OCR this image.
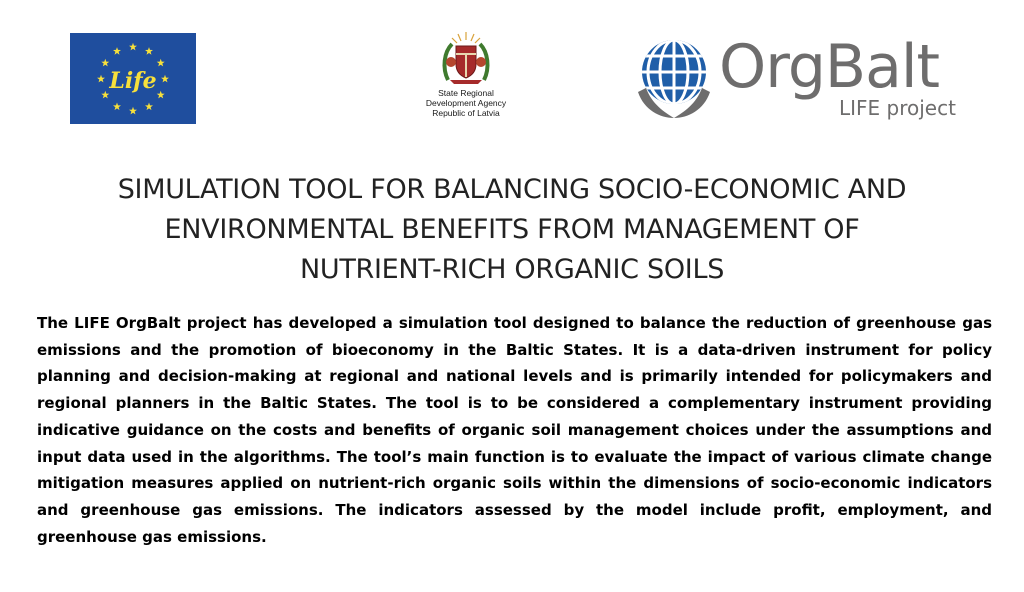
Life	State Regional
Development Agency
Republic of Latvia
OrgBalt
LIFE project
SIMULATION TOOL FOR BALANCING SOCIO-ECONOMIC AND
ENVIRONMENTAL BENEFITS FROM MANAGEMENT OF
NUTRIENT-RICH ORGANIC SOILS

The LIFE OrgBalt project has developed a simulation tool designed to balance the reduction of greenhouse gas emissions and the promotion of bioeconomy in the Baltic States. It is a data-driven instrument for policy planning and decision-making at regional and national levels and is primarily intended for policymakers and regional planners in the Baltic States. The tool is to be considered a complementary instrument providing indicative guidance on the costs and benefits of organic soil management choices under the assumptions and input data used in the algorithms. The tool’s main function is to evaluate the impact of various climate change mitigation measures applied on nutrient-rich organic soils within the dimensions of socio-economic indicators and greenhouse gas emissions. The indicators assessed by the model include profit, employment, and greenhouse gas emissions.
